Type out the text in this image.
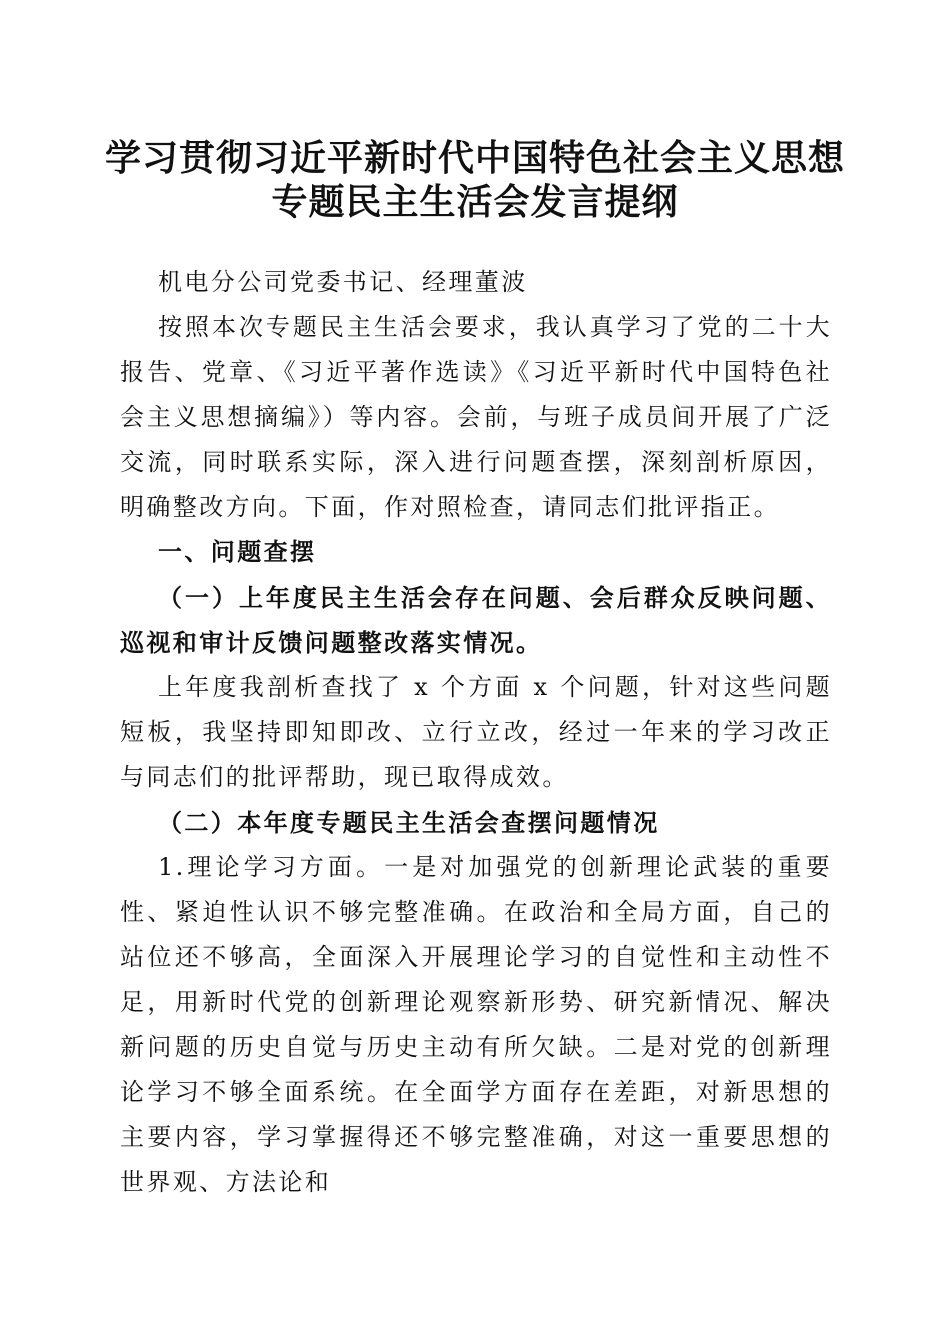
学习贯彻习近平新时代中国特色社会主义思想
专题民主生活会发言提纲

机电分公司党委书记、经理董波

按照本次专题民主生活会要求，我认真学习了党的二十大报告、党章、《习近平著作选读》《习近平新时代中国特色社会主义思想摘编》）等内容。会前，与班子成员间开展了广泛交流，同时联系实际，深入进行问题查摆，深刻剖析原因，明确整改方向。下面，作对照检查，请同志们批评指正。

一、问题查摆

（一）上年度民主生活会存在问题、会后群众反映问题、巡视和审计反馈问题整改落实情况。

上年度我剖析查找了 x 个方面 x 个问题，针对这些问题短板，我坚持即知即改、立行立改，经过一年来的学习改正与同志们的批评帮助，现已取得成效。

（二）本年度专题民主生活会查摆问题情况

1.理论学习方面。一是对加强党的创新理论武装的重要性、紧迫性认识不够完整准确。在政治和全局方面，自己的站位还不够高，全面深入开展理论学习的自觉性和主动性不足，用新时代党的创新理论观察新形势、研究新情况、解决新问题的历史自觉与历史主动有所欠缺。二是对党的创新理论学习不够全面系统。在全面学方面存在差距，对新思想的主要内容，学习掌握得还不够完整准确，对这一重要思想的世界观、方法论和
